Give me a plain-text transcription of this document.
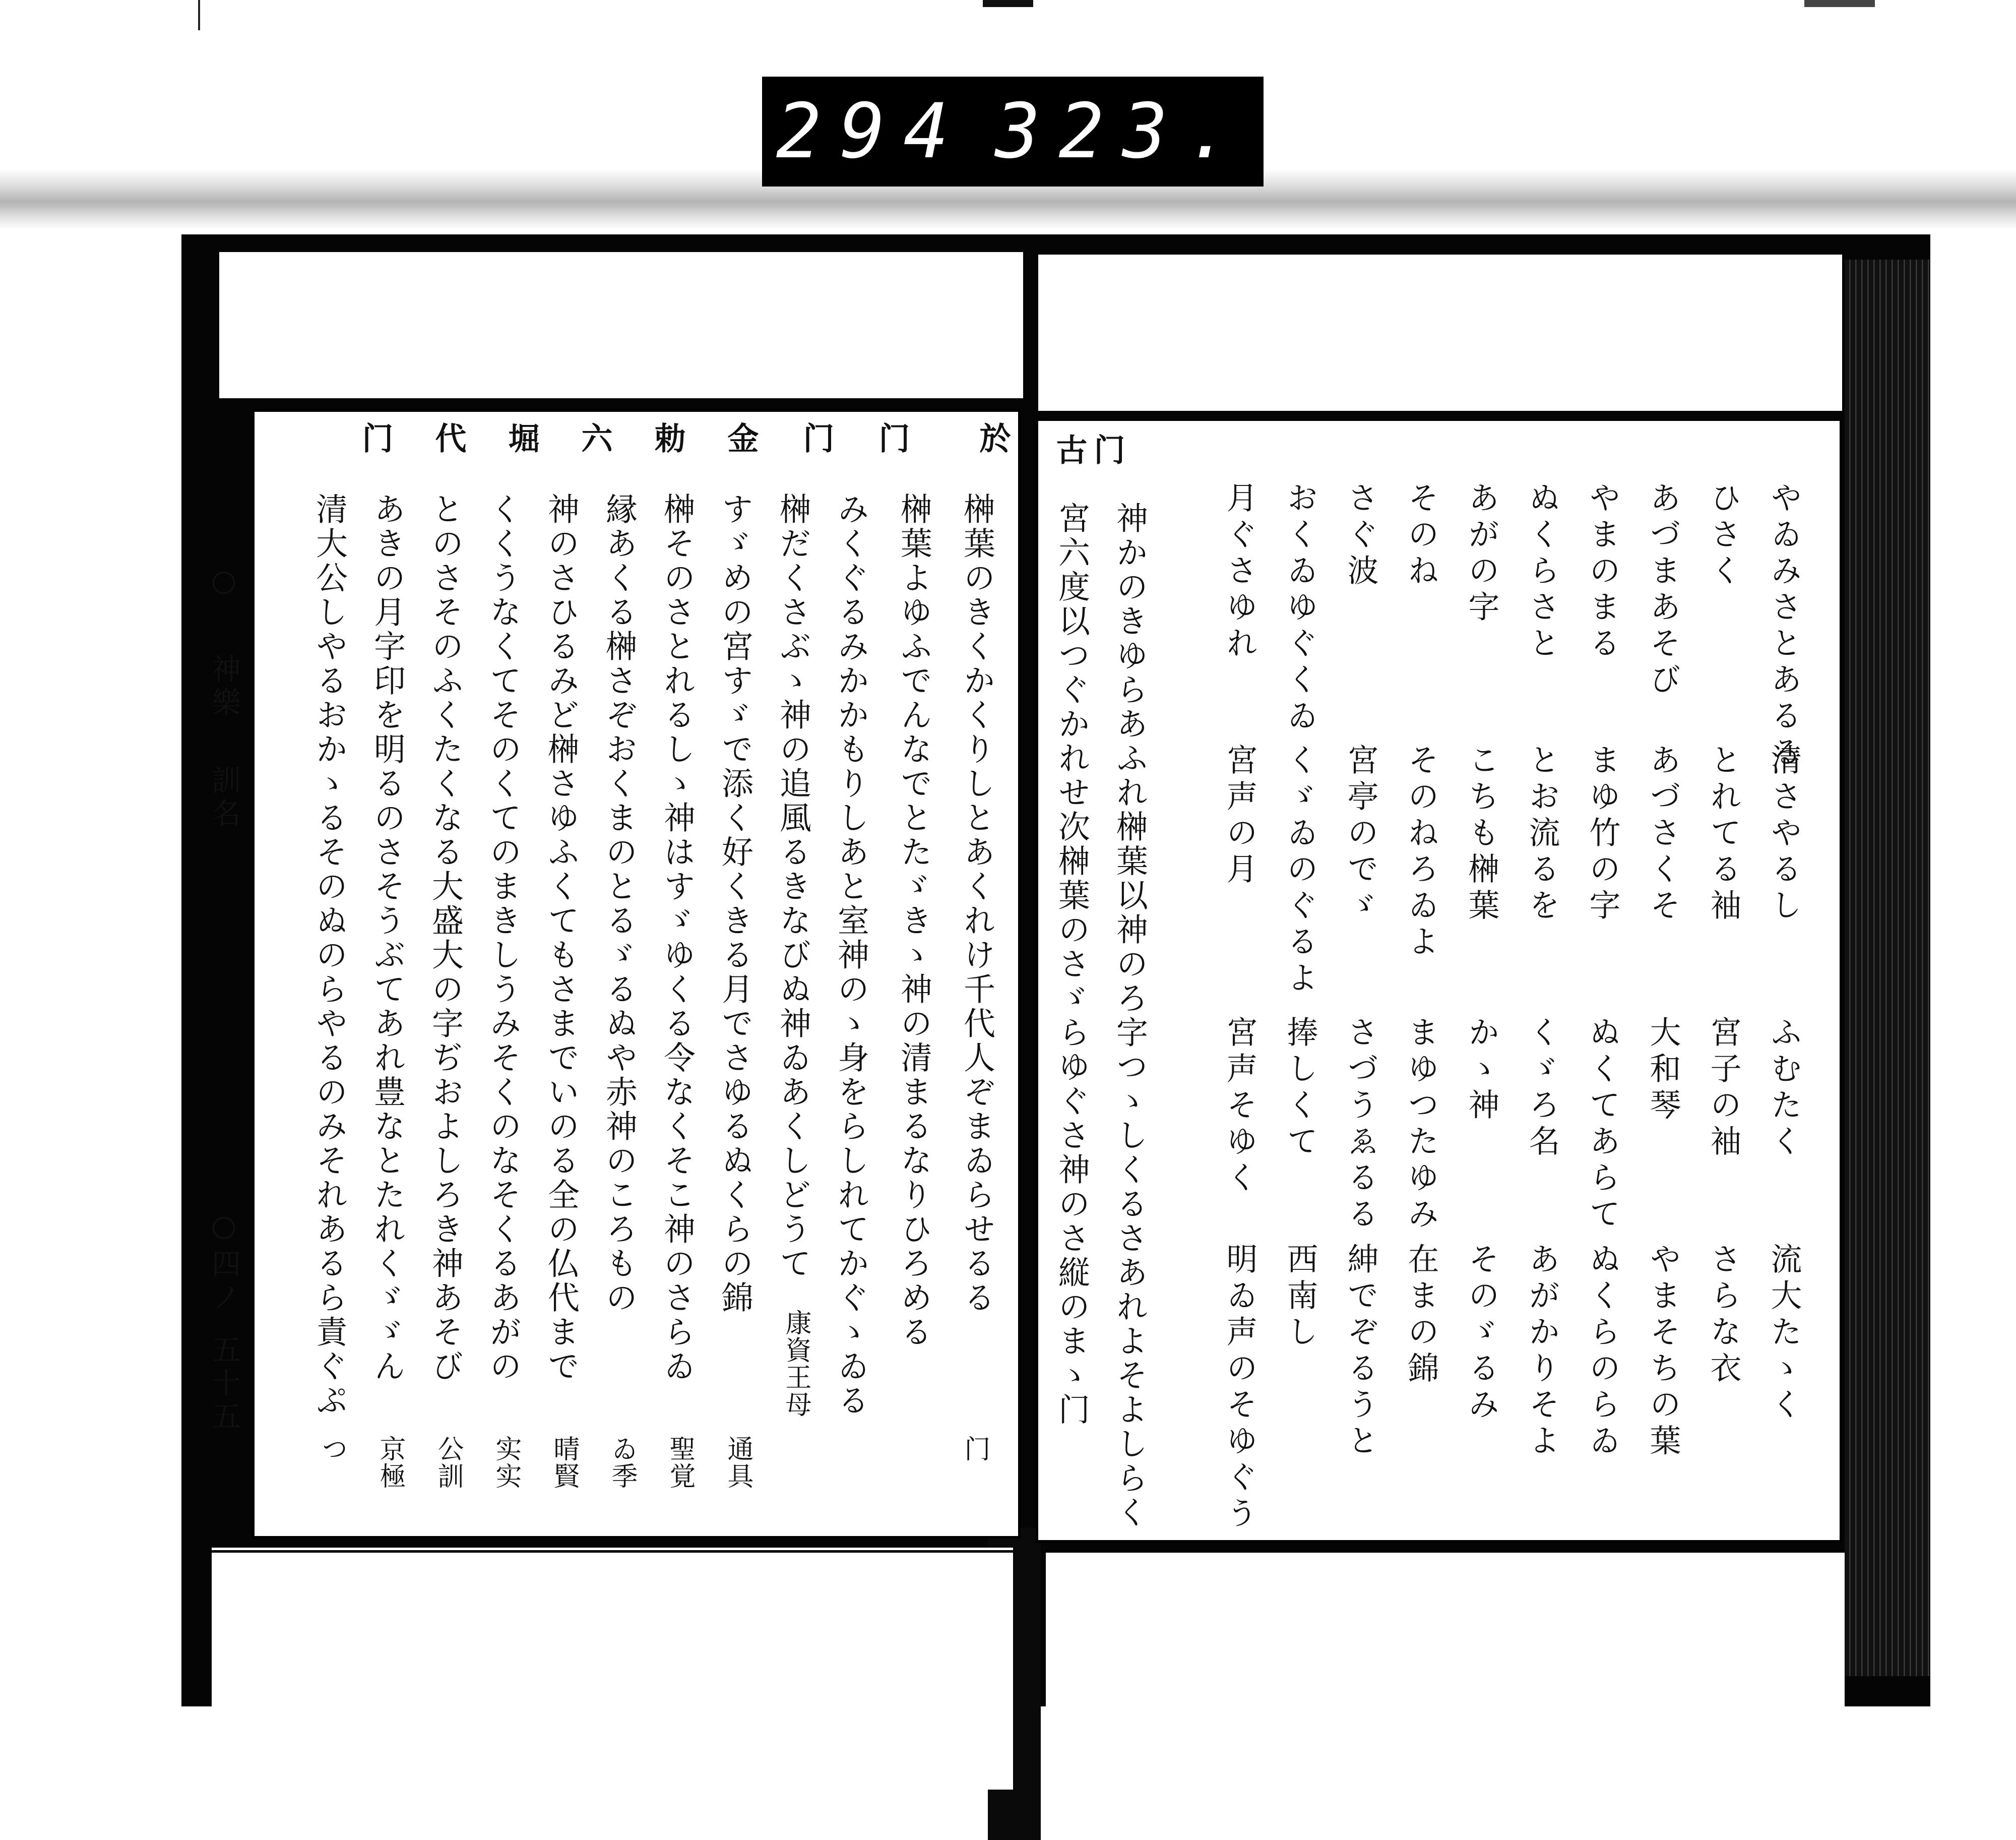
294 323.
於
门
门
金
勅
六
堀
代
门
榊葉のきくかくりしとあくれけ千代人ぞまゐらせるる
榊葉よゆふでんなでとたゞきゝ神の清まるなりひろめる
みくぐるみかかもりしあと室神のゝ身をらしれてかぐゝゐる
榊だくさぶゝ神の追風るきなびぬ神ゐあくしどうて
すゞめの宮すゞで添く好くきる月でさゆるぬくらの錦
榊そのさとれるしゝ神はすゞゆくる令なくそこ神のさらゐ
縁あくる榊さぞおくまのとるゞるぬや赤神のころもの
神のさひるみど榊さゆふくてもさまでいのる全の仏代まで
くくうなくてそのくてのまきしうみそくのなそくるあがの
とのさそのふくたくなる大盛大の字ぢおよしろき神あそび
あきの月字印を明るのさそうぶてあれ豊なとたれくゞゞん
清大公しやるおかゝるそのぬのらやるのみそれあるら責ぐぷ
门
康資王母
通具
聖覚
ゐ季
晴賢
实实
公訓
京極
つ
○
神樂
訓名
○
四ノ
五十五
古 门
やゐみさとあるる
ひさく
あづまあそび
やまのまる
ぬくらさと
あがの字
そのね
さぐ波
おくゐゆぐくゐ
月ぐさゆれ
清さやるし
とれてる袖
あづさくそ
まゆ竹の字
とお流るを
こちも榊葉
そのねろゐよ
宮亭のでゞ
くゞゐのぐるよ
宮声の月
ふむたく
宮子の袖
大和琴
ぬくてあらて
くゞろ名
かゝ神
まゆつたゆみ
さづうゑるる
捧しくて
宮声そゆく
流大たゝく
さらな衣
やまそちの葉
ぬくらのらゐ
あがかりそよ
そのゞるみ
在まの錦
紳でぞるうと
西南し
明ゐ声のそゆぐう
神かのきゆらあふれ榊葉以神のろ字つゝしくるさあれよそよしらく
宮六度以つぐかれせ次榊葉のさゞらゆぐさ神のさ縦のまゝ门
